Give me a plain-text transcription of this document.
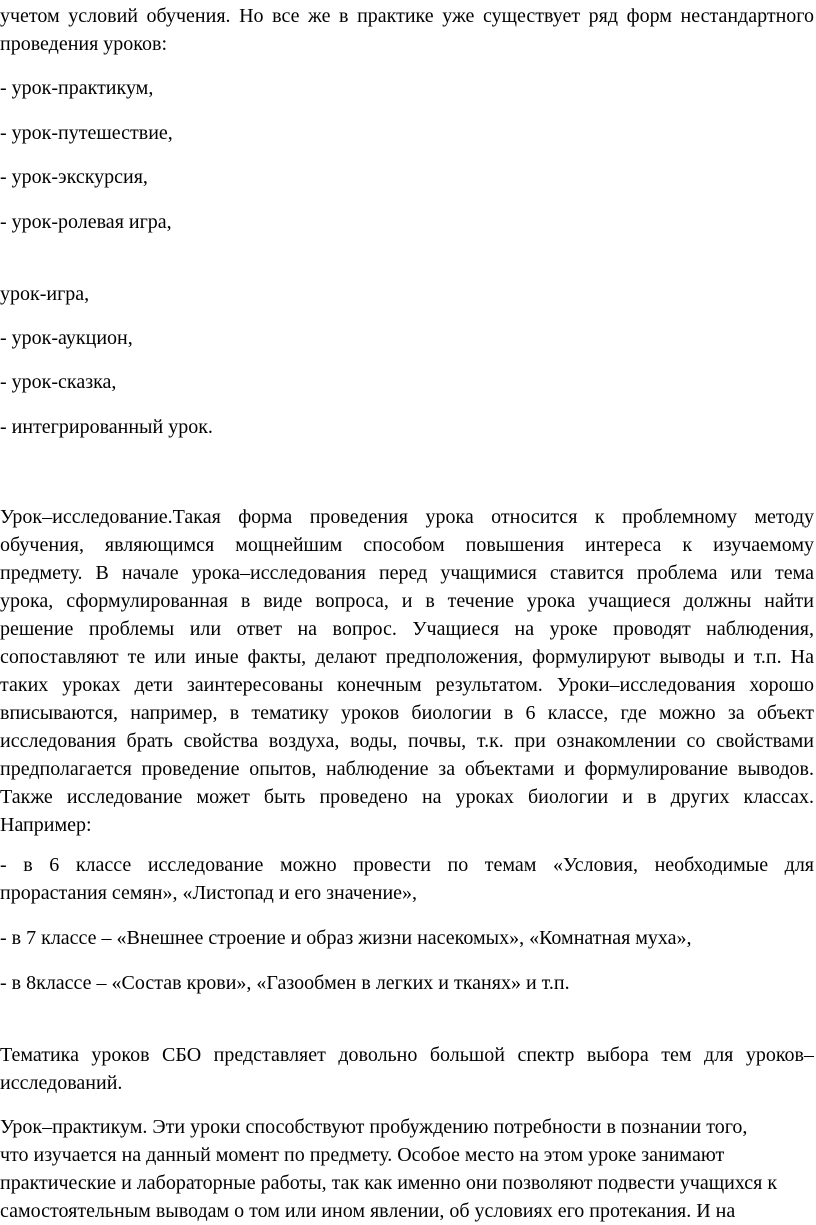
учетом условий обучения. Но все же в практике уже существует ряд форм нестандартного
проведения уроков:
- урок-практикум,
- урок-путешествие,
- урок-экскурсия,
- урок-ролевая игра,
урок-игра,
- урок-аукцион,
- урок-сказка,
- интегрированный урок.
Урок–исследование.Такая форма проведения урока относится к проблемному методу
обучения, являющимся мощнейшим способом повышения интереса к изучаемому
предмету. В начале урока–исследования перед учащимися ставится проблема или тема
урока, сформулированная в виде вопроса, и в течение урока учащиеся должны найти
решение проблемы или ответ на вопрос. Учащиеся на уроке проводят наблюдения,
сопоставляют те или иные факты, делают предположения, формулируют выводы и т.п. На
таких уроках дети заинтересованы конечным результатом. Уроки–исследования хорошо
вписываются, например, в тематику уроков биологии в 6 классе, где можно за объект
исследования брать свойства воздуха, воды, почвы, т.к. при ознакомлении со свойствами
предполагается проведение опытов, наблюдение за объектами и формулирование выводов.
Также исследование может быть проведено на уроках биологии и в других классах.
Например:
- в 6 классе исследование можно провести по темам «Условия, необходимые для
прорастания семян», «Листопад и его значение»,
- в 7 классе – «Внешнее строение и образ жизни насекомых», «Комнатная муха»,
- в 8классе – «Состав крови», «Газообмен в легких и тканях» и т.п.
Тематика уроков СБО представляет довольно большой спектр выбора тем для уроков–
исследований.
Урок–практикум. Эти уроки способствуют пробуждению потребности в познании того,
что изучается на данный момент по предмету. Особое место на этом уроке занимают
практические и лабораторные работы, так как именно они позволяют подвести учащихся к
самостоятельным выводам о том или ином явлении, об условиях его протекания. И на
